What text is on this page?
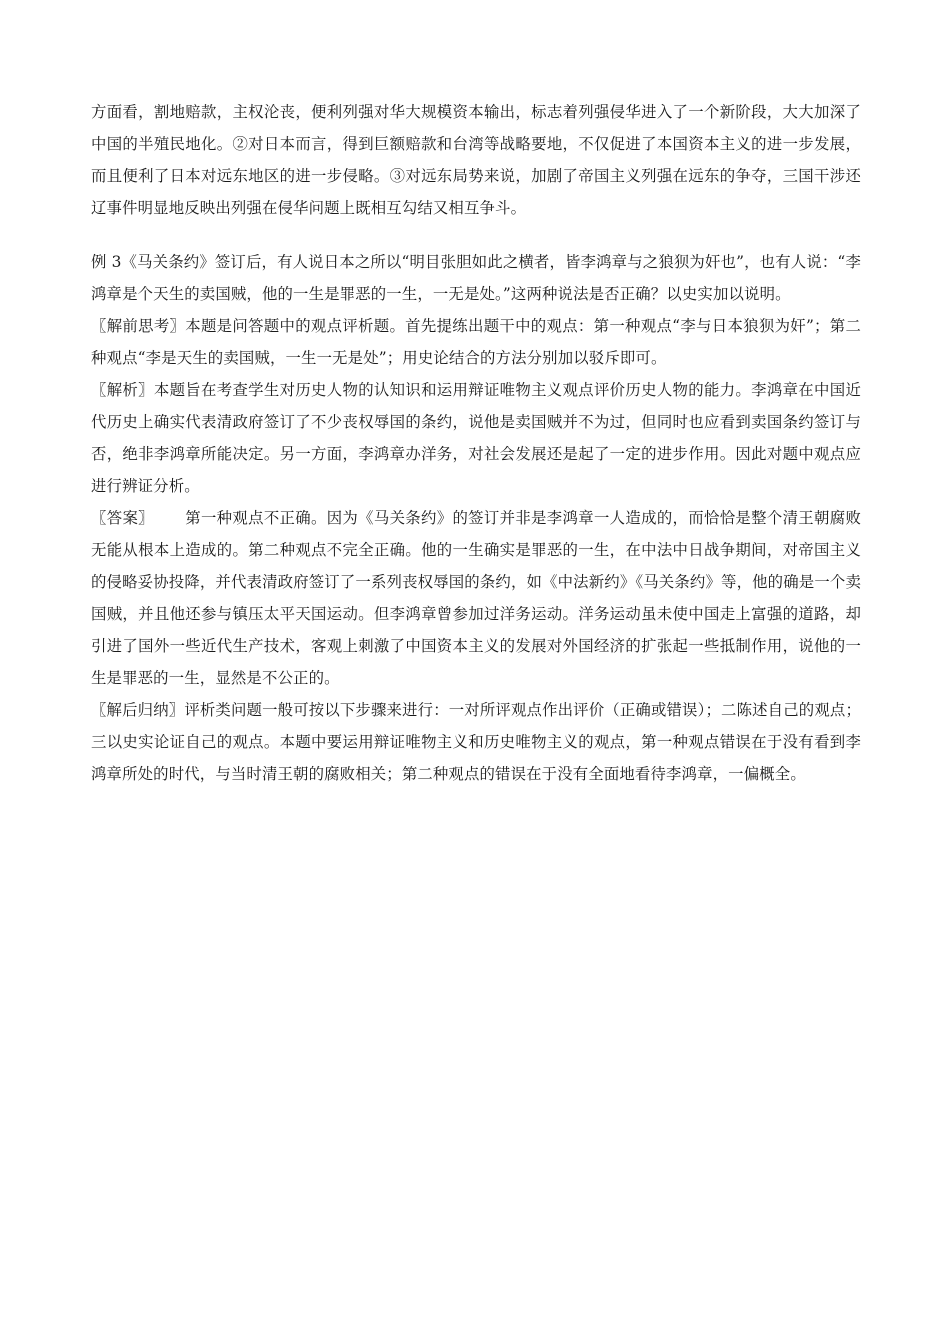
方面看，割地赔款，主权沦丧，便利列强对华大规模资本输出，标志着列强侵华进入了一个新阶段，大大加深了中国的半殖民地化。②对日本而言，得到巨额赔款和台湾等战略要地，不仅促进了本国资本主义的进一步发展，而且便利了日本对远东地区的进一步侵略。③对远东局势来说，加剧了帝国主义列强在远东的争夺，三国干涉还辽事件明显地反映出列强在侵华问题上既相互勾结又相互争斗。

例 3《马关条约》签订后，有人说日本之所以“明目张胆如此之横者，皆李鸿章与之狼狈为奸也”，也有人说：“李鸿章是个天生的卖国贼，他的一生是罪恶的一生，一无是处。”这两种说法是否正确？以史实加以说明。

〖解前思考〗本题是问答题中的观点评析题。首先提练出题干中的观点：第一种观点“李与日本狼狈为奸”；第二种观点“李是天生的卖国贼，一生一无是处”；用史论结合的方法分别加以驳斥即可。

〖解析〗本题旨在考查学生对历史人物的认知识和运用辩证唯物主义观点评价历史人物的能力。李鸿章在中国近代历史上确实代表清政府签订了不少丧权辱国的条约，说他是卖国贼并不为过，但同时也应看到卖国条约签订与否，绝非李鸿章所能决定。另一方面，李鸿章办洋务，对社会发展还是起了一定的进步作用。因此对题中观点应进行辨证分析。

〖答案〗      第一种观点不正确。因为《马关条约》的签订并非是李鸿章一人造成的，而恰恰是整个清王朝腐败无能从根本上造成的。第二种观点不完全正确。他的一生确实是罪恶的一生，在中法中日战争期间，对帝国主义的侵略妥协投降，并代表清政府签订了一系列丧权辱国的条约，如《中法新约》《马关条约》等，他的确是一个卖国贼，并且他还参与镇压太平天国运动。但李鸿章曾参加过洋务运动。洋务运动虽未使中国走上富强的道路，却引进了国外一些近代生产技术，客观上刺激了中国资本主义的发展对外国经济的扩张起一些抵制作用，说他的一生是罪恶的一生，显然是不公正的。

〖解后归纳〗评析类问题一般可按以下步骤来进行：一对所评观点作出评价（正确或错误）；二陈述自己的观点；三以史实论证自己的观点。本题中要运用辩证唯物主义和历史唯物主义的观点，第一种观点错误在于没有看到李鸿章所处的时代，与当时清王朝的腐败相关；第二种观点的错误在于没有全面地看待李鸿章，一偏概全。
